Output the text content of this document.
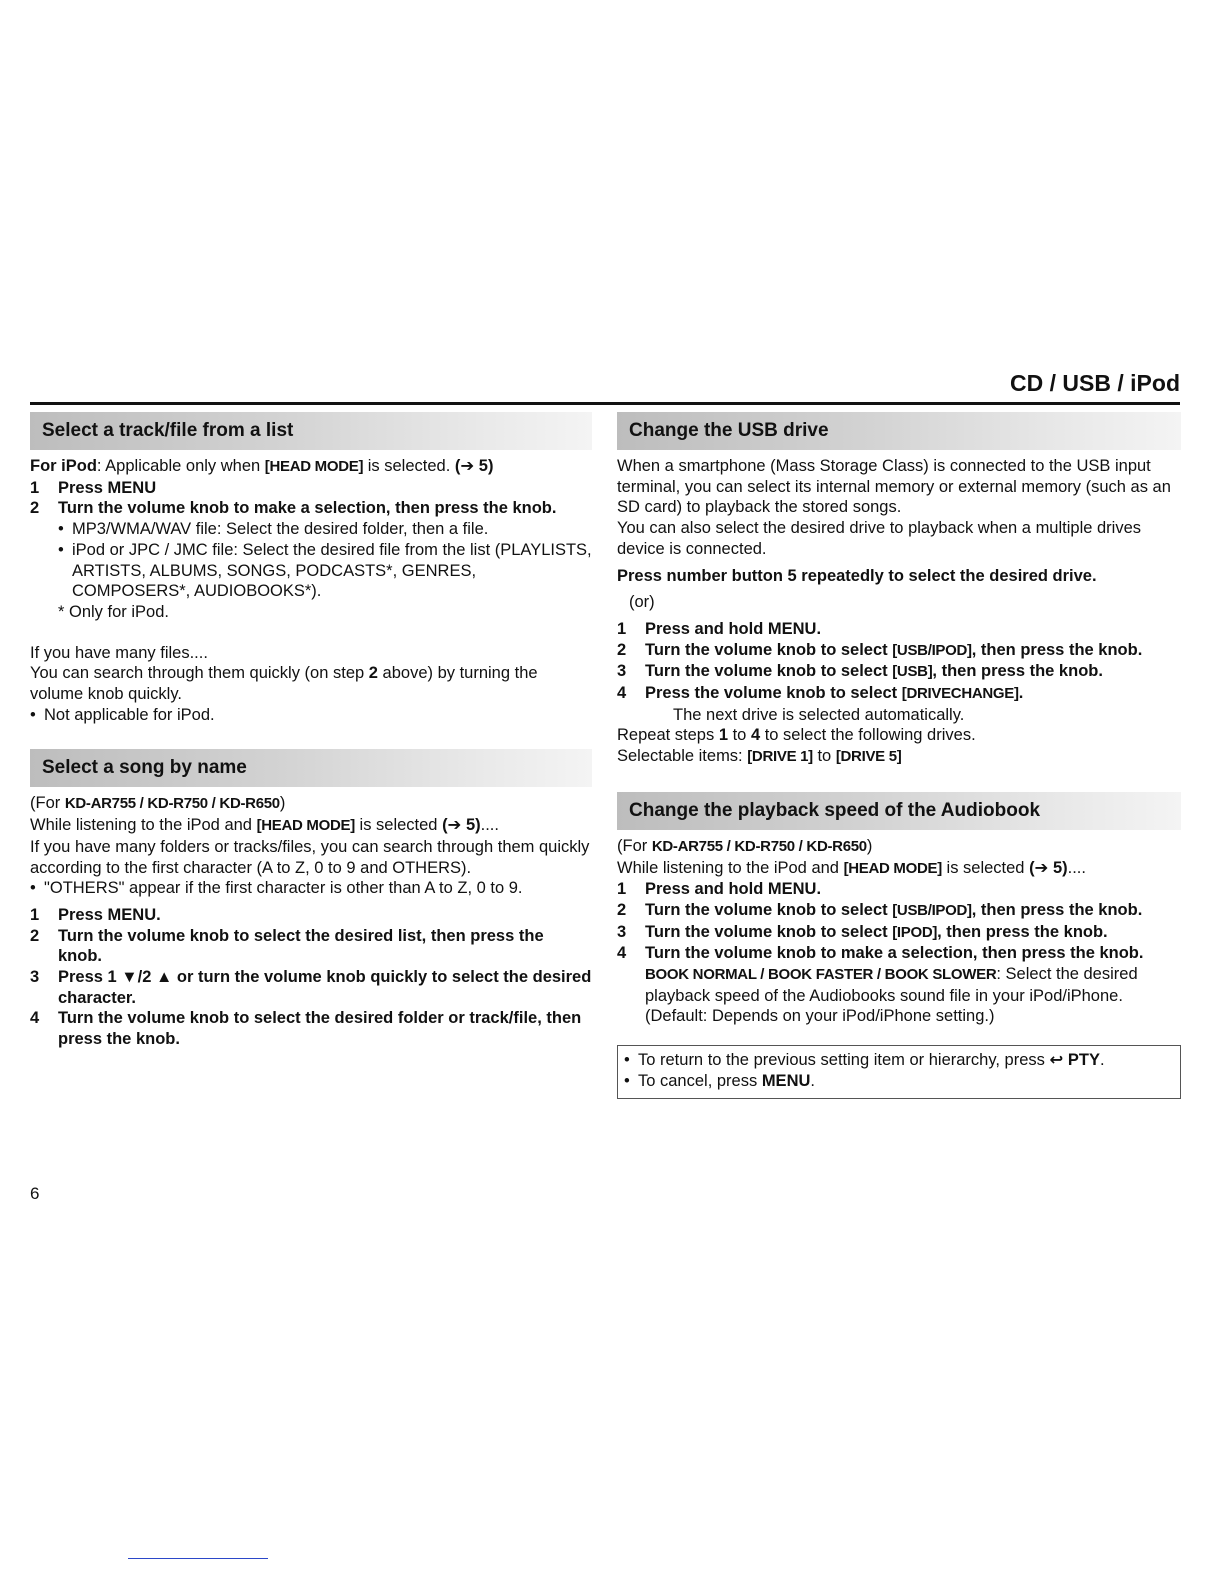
CD / USB / iPod
Select a track/file from a list

For iPod: Applicable only when [HEAD MODE] is selected. (➔ 5)

1 Press MENU

2 Turn the volume knob to make a selection, then press the knob.

• MP3/WMA/WAV file: Select the desired folder, then a file.

• iPod or JPC / JMC file: Select the desired file from the list (PLAYLISTS, ARTISTS, ALBUMS, SONGS, PODCASTS*, GENRES, COMPOSERS*, AUDIOBOOKS*).

* Only for iPod.

If you have many files....

You can search through them quickly (on step 2 above) by turning the volume knob quickly.

• Not applicable for iPod.

Select a song by name

(For KD-AR755 / KD-R750 / KD-R650)

While listening to the iPod and [HEAD MODE] is selected (➔ 5)....

If you have many folders or tracks/files, you can search through them quickly according to the first character (A to Z, 0 to 9 and OTHERS).

• "OTHERS" appear if the first character is other than A to Z, 0 to 9.

1 Press MENU.

2 Turn the volume knob to select the desired list, then press the knob.

3 Press 1 ▼/2 ▲ or turn the volume knob quickly to select the desired character.

4 Turn the volume knob to select the desired folder or track/file, then press the knob.

Change the USB drive

When a smartphone (Mass Storage Class) is connected to the USB input terminal, you can select its internal memory or external memory (such as an SD card) to playback the stored songs.

You can also select the desired drive to playback when a multiple drives device is connected.

Press number button 5 repeatedly to select the desired drive.

(or)

1 Press and hold MENU.

2 Turn the volume knob to select [USB/IPOD], then press the knob.

3 Turn the volume knob to select [USB], then press the knob.

4 Press the volume knob to select [DRIVECHANGE].

The next drive is selected automatically.

Repeat steps 1 to 4 to select the following drives.

Selectable items: [DRIVE 1] to [DRIVE 5]

Change the playback speed of the Audiobook

(For KD-AR755 / KD-R750 / KD-R650)

While listening to the iPod and [HEAD MODE] is selected (➔ 5)....

1 Press and hold MENU.

2 Turn the volume knob to select [USB/IPOD], then press the knob.

3 Turn the volume knob to select [IPOD], then press the knob.

4 Turn the volume knob to make a selection, then press the knob.

BOOK NORMAL / BOOK FASTER / BOOK SLOWER: Select the desired playback speed of the Audiobooks sound file in your iPod/iPhone.

(Default: Depends on your iPod/iPhone setting.)

• To return to the previous setting item or hierarchy, press ↩ PTY.

• To cancel, press MENU.

6
